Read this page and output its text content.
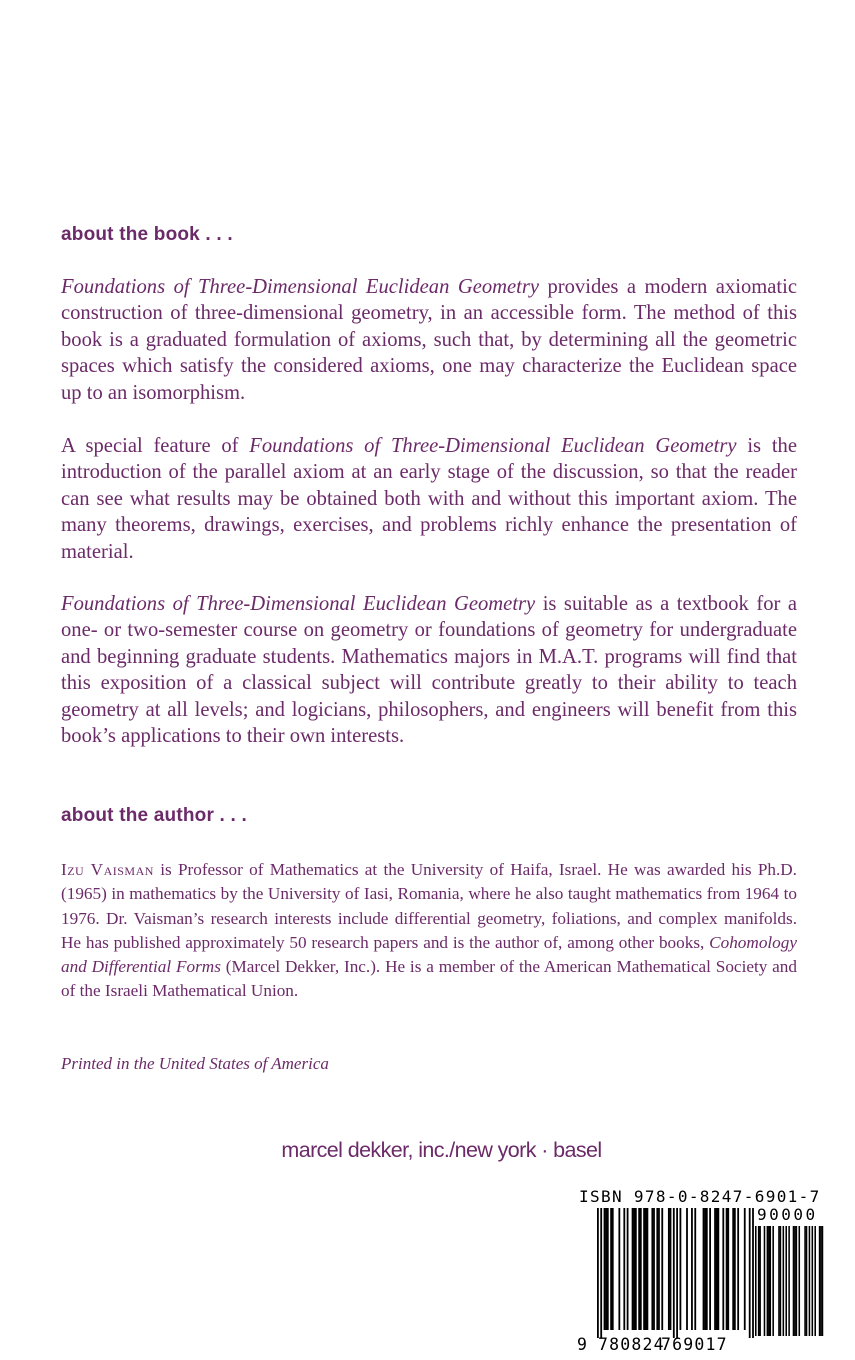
about the book . . .

Foundations of Three-Dimensional Euclidean Geometry provides a modern axiomatic construction of three-dimensional geometry, in an accessible form. The method of this book is a graduated formulation of axioms, such that, by determining all the geometric spaces which satisfy the considered axioms, one may characterize the Euclidean space up to an isomorphism.

A special feature of Foundations of Three-Dimensional Euclidean Geometry is the introduction of the parallel axiom at an early stage of the discussion, so that the reader can see what results may be obtained both with and without this important axiom. The many theorems, drawings, exercises, and problems richly enhance the presentation of material.

Foundations of Three-Dimensional Euclidean Geometry is suitable as a textbook for a one- or two-semester course on geometry or foundations of geometry for undergraduate and beginning graduate students. Mathematics majors in M.A.T. programs will find that this exposition of a classical subject will contribute greatly to their ability to teach geometry at all levels; and logicians, philosophers, and engineers will benefit from this book’s applications to their own interests.

about the author . . .

Izu Vaisman is Professor of Mathematics at the University of Haifa, Israel. He was awarded his Ph.D. (1965) in mathematics by the University of Iasi, Romania, where he also taught mathematics from 1964 to 1976. Dr. Vaisman’s research interests include differential geometry, foliations, and complex manifolds. He has published approximately 50 research papers and is the author of, among other books, Cohomology and Differential Forms (Marcel Dekker, Inc.). He is a member of the American Mathematical Society and of the Israeli Mathematical Union.

Printed in the United States of America
marcel dekker, inc./new york · basel
ISBN 978-0-8247-6901-7
90000
9 780824
769017
